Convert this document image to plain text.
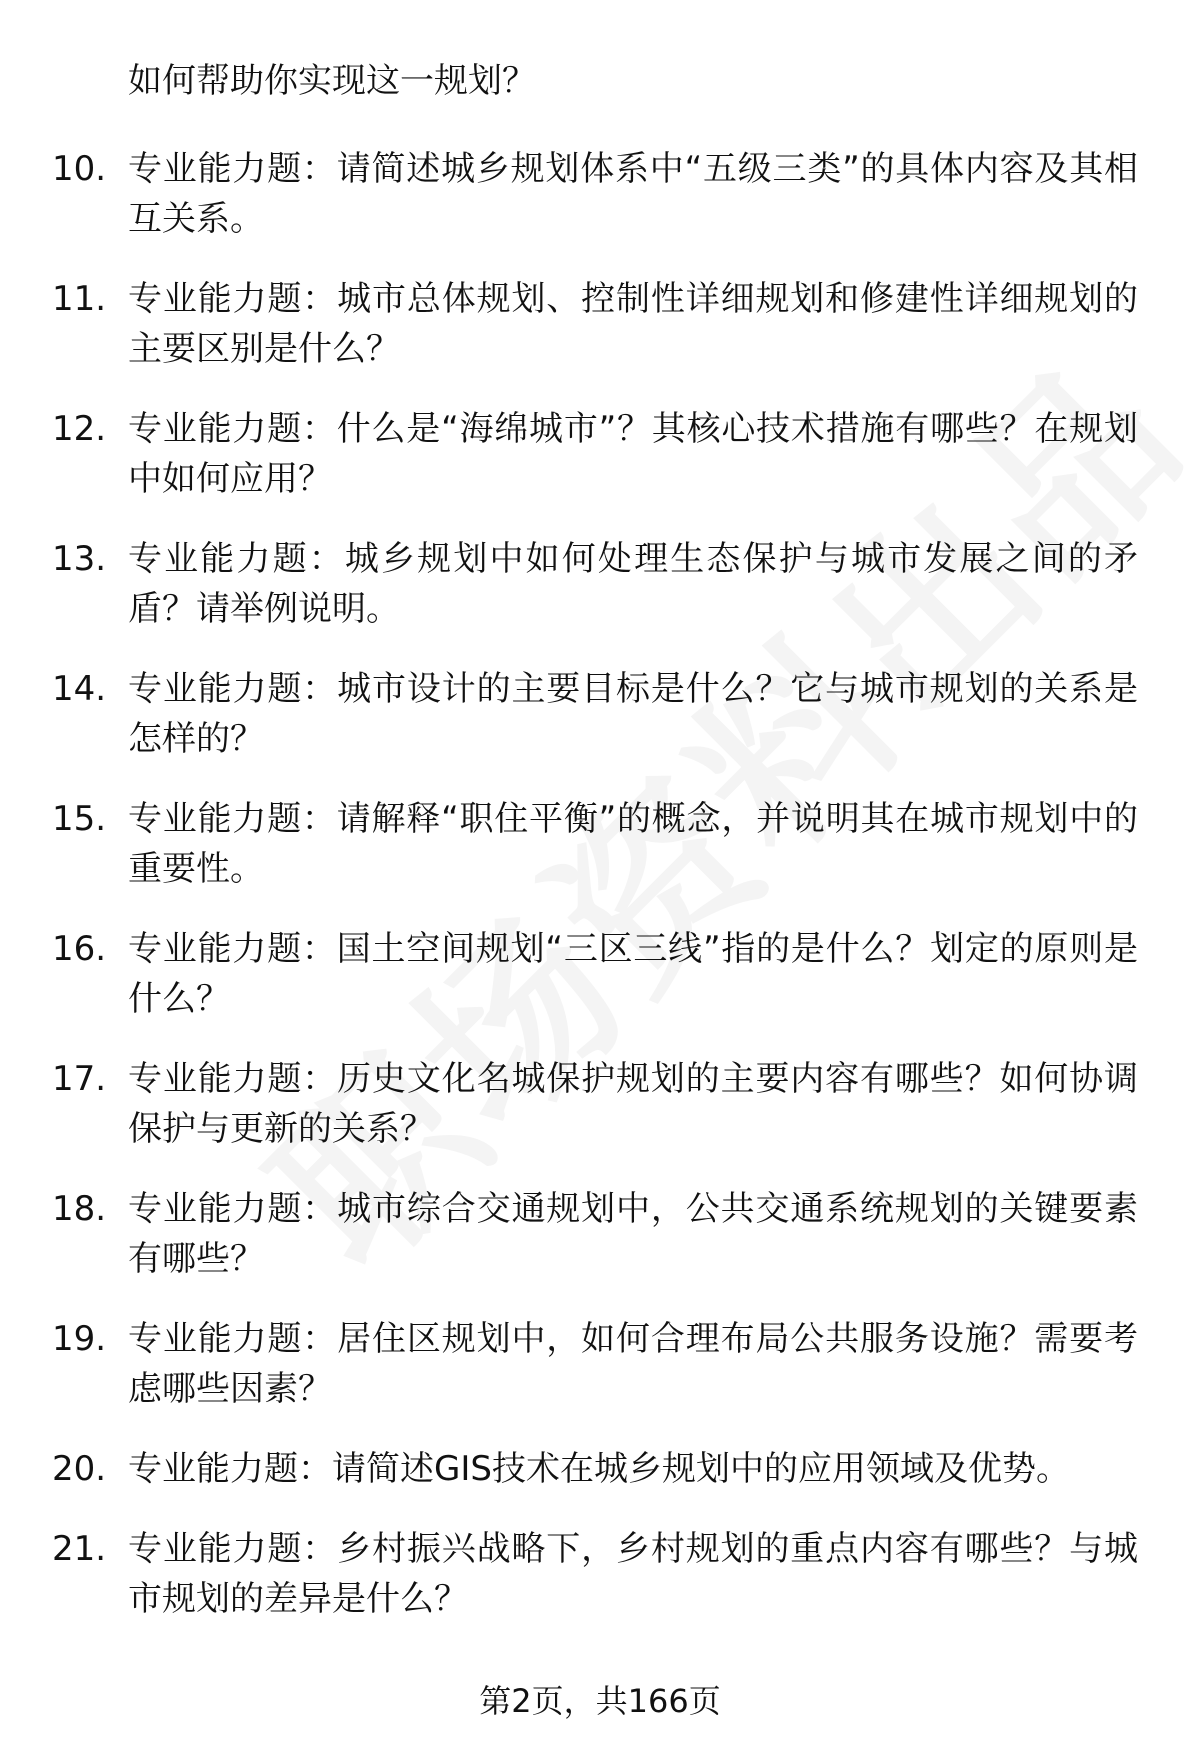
如何帮助你实现这一规划？
10. 专业能力题：请简述城乡规划体系中“五级三类”的具体内容及其相互关系。
11. 专业能力题：城市总体规划、控制性详细规划和修建性详细规划的主要区别是什么？
12. 专业能力题：什么是“海绵城市”？其核心技术措施有哪些？在规划中如何应用？
13. 专业能力题：城乡规划中如何处理生态保护与城市发展之间的矛盾？请举例说明。
14. 专业能力题：城市设计的主要目标是什么？它与城市规划的关系是怎样的？
15. 专业能力题：请解释“职住平衡”的概念，并说明其在城市规划中的重要性。
16. 专业能力题：国土空间规划“三区三线”指的是什么？划定的原则是什么？
17. 专业能力题：历史文化名城保护规划的主要内容有哪些？如何协调保护与更新的关系？
18. 专业能力题：城市综合交通规划中，公共交通系统规划的关键要素有哪些？
19. 专业能力题：居住区规划中，如何合理布局公共服务设施？需要考虑哪些因素？
20. 专业能力题：请简述GIS技术在城乡规划中的应用领域及优势。
21. 专业能力题：乡村振兴战略下，乡村规划的重点内容有哪些？与城市规划的差异是什么？
第2页，共166页
